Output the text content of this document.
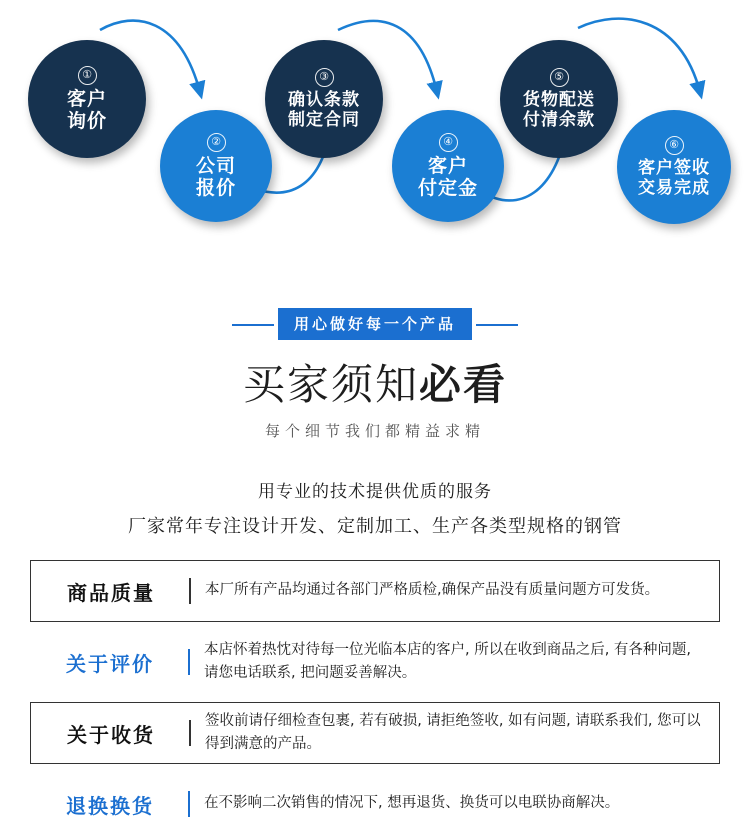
①
客户
询价
②
公司
报价
③
确认条款
制定合同
④
客户
付定金
⑤
货物配送
付清余款
⑥
客户签收
交易完成
用心做好每一个产品
买家须知必看
每个细节我们都精益求精
用专业的技术提供优质的服务
厂家常年专注设计开发、定制加工、生产各类型规格的钢管
商品质量	本厂所有产品均通过各部门严格质检,确保产品没有质量问题方可发货。
关于评价
本店怀着热忱对待每一位光临本店的客户, 所以在收到商品之后, 有各种问题,
请您电话联系, 把问题妥善解决。
关于收货
签收前请仔细检查包裹, 若有破损, 请拒绝签收, 如有问题, 请联系我们, 您可以
得到满意的产品。
退换换货	在不影响二次销售的情况下, 想再退货、换货可以电联协商解决。
